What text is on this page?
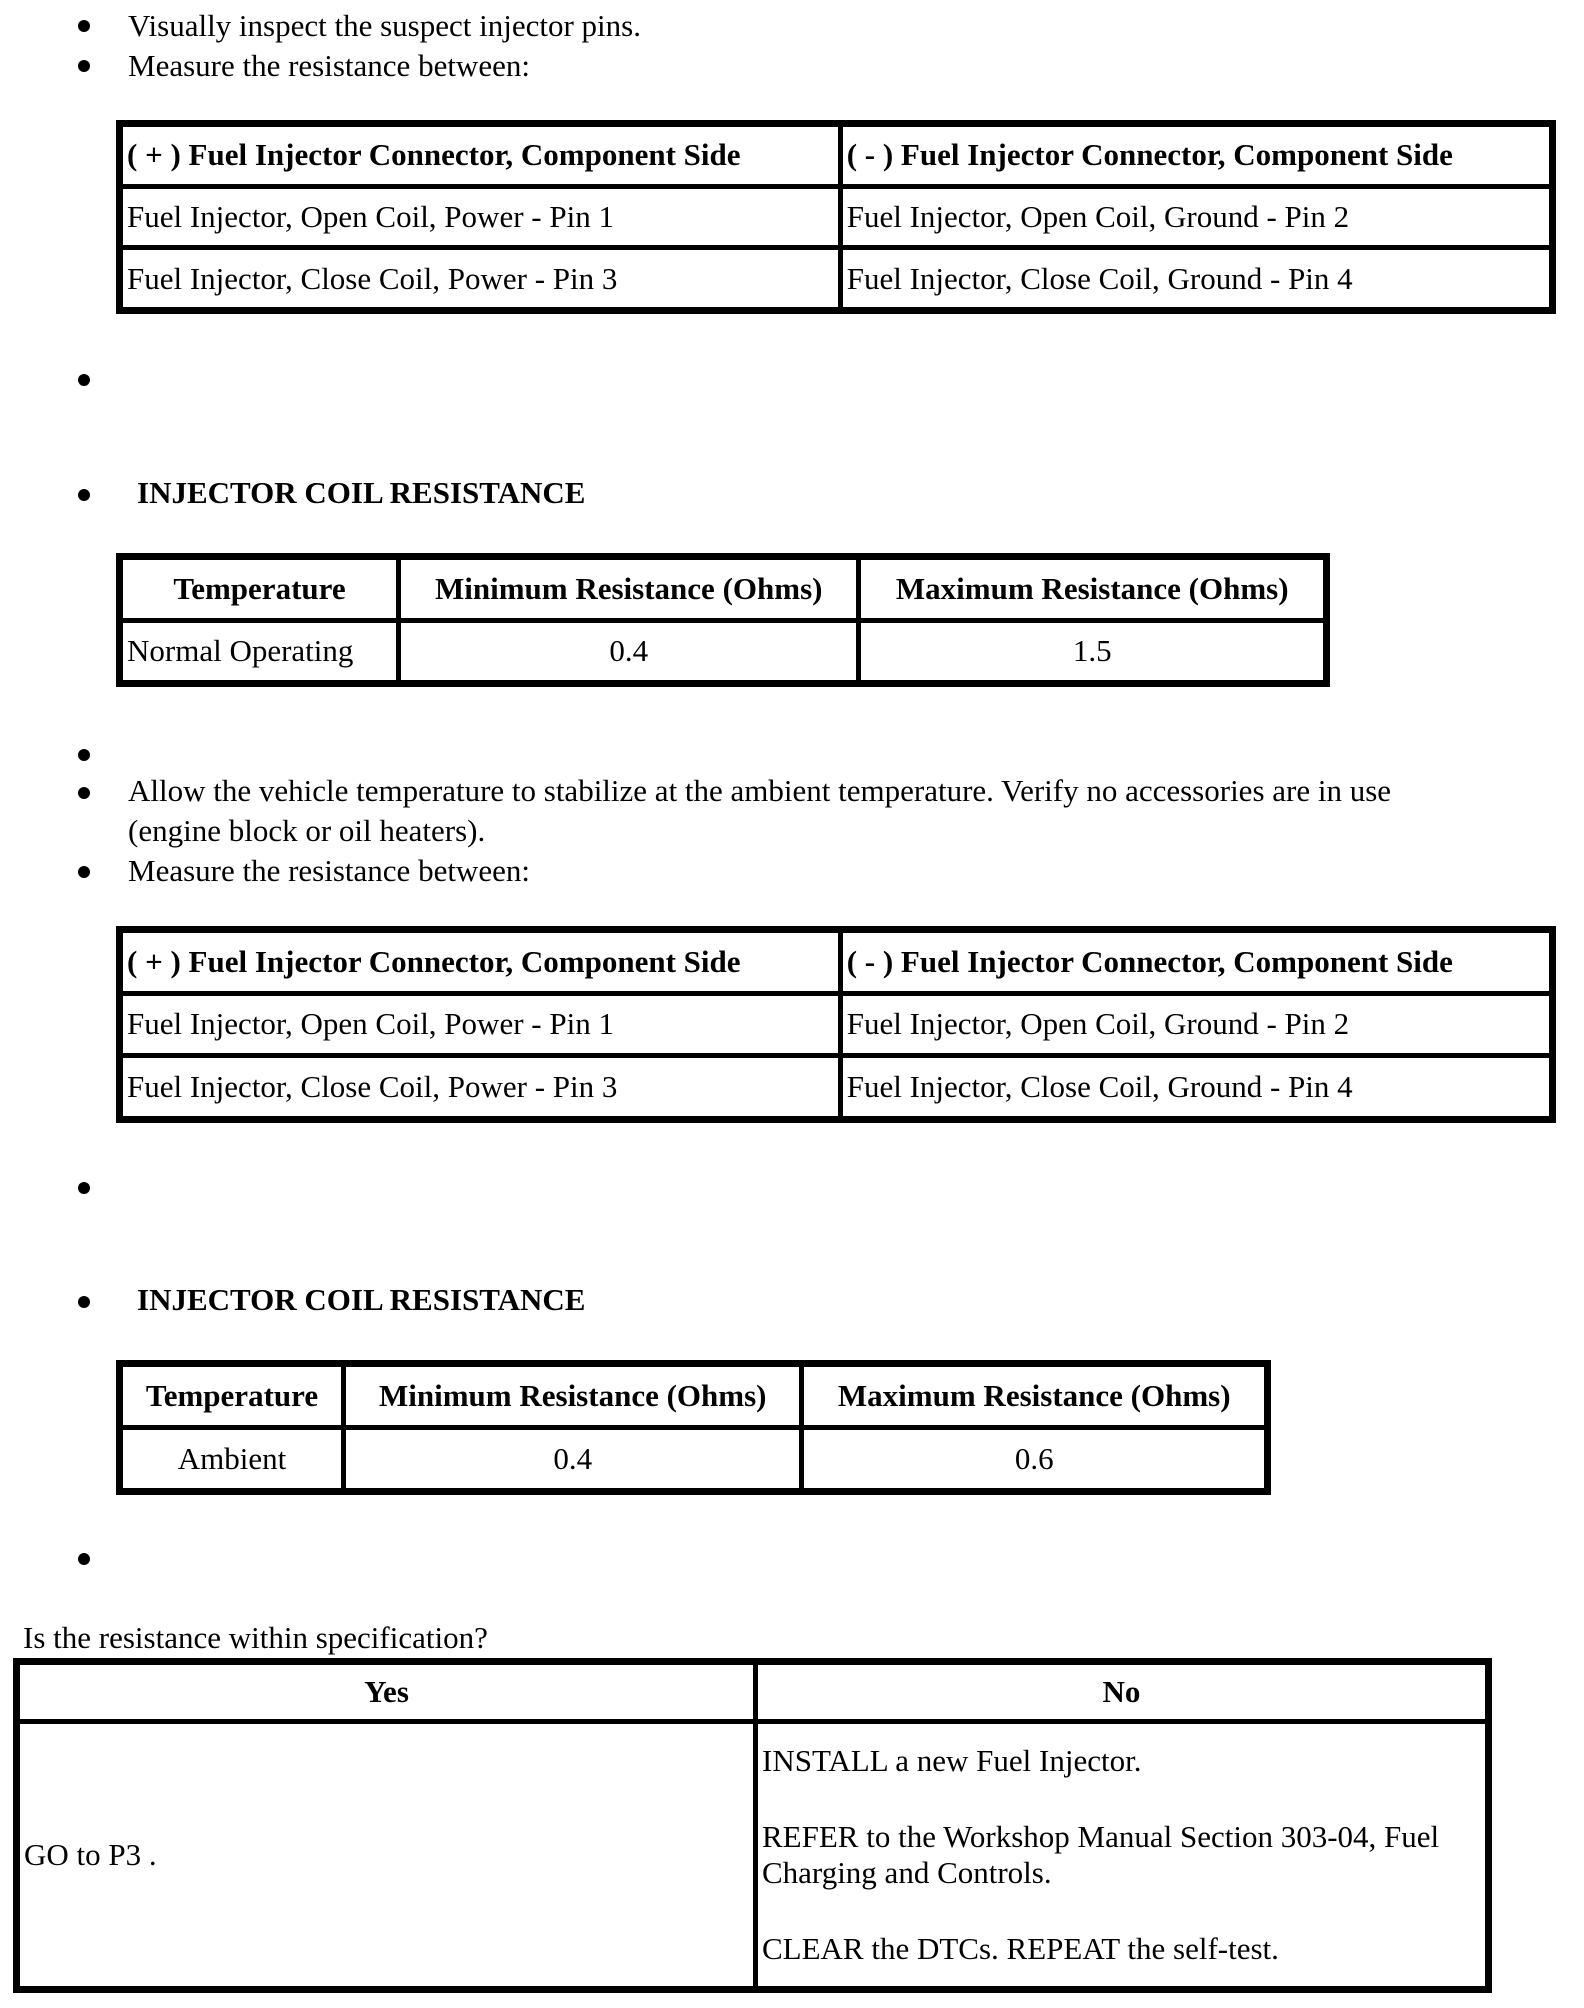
Visually inspect the suspect injector pins.
Measure the resistance between:
( + ) Fuel Injector Connector, Component Side	( - ) Fuel Injector Connector, Component Side
Fuel Injector, Open Coil, Power - Pin 1	Fuel Injector, Open Coil, Ground - Pin 2
Fuel Injector, Close Coil, Power - Pin 3	Fuel Injector, Close Coil, Ground - Pin 4
INJECTOR COIL RESISTANCE
Temperature	Minimum Resistance (Ohms)	Maximum Resistance (Ohms)
Normal Operating	0.4	1.5
Allow the vehicle temperature to stabilize at the ambient temperature. Verify no accessories are in use
(engine block or oil heaters).
Measure the resistance between:
( + ) Fuel Injector Connector, Component Side	( - ) Fuel Injector Connector, Component Side
Fuel Injector, Open Coil, Power - Pin 1	Fuel Injector, Open Coil, Ground - Pin 2
Fuel Injector, Close Coil, Power - Pin 3	Fuel Injector, Close Coil, Ground - Pin 4
INJECTOR COIL RESISTANCE
Temperature	Minimum Resistance (Ohms)	Maximum Resistance (Ohms)
Ambient	0.4	0.6
Is the resistance within specification?
Yes	No
GO to P3 .	INSTALL a new Fuel Injector.
REFER to the Workshop Manual Section 303-04, Fuel Charging and Controls.
CLEAR the DTCs. REPEAT the self-test.
